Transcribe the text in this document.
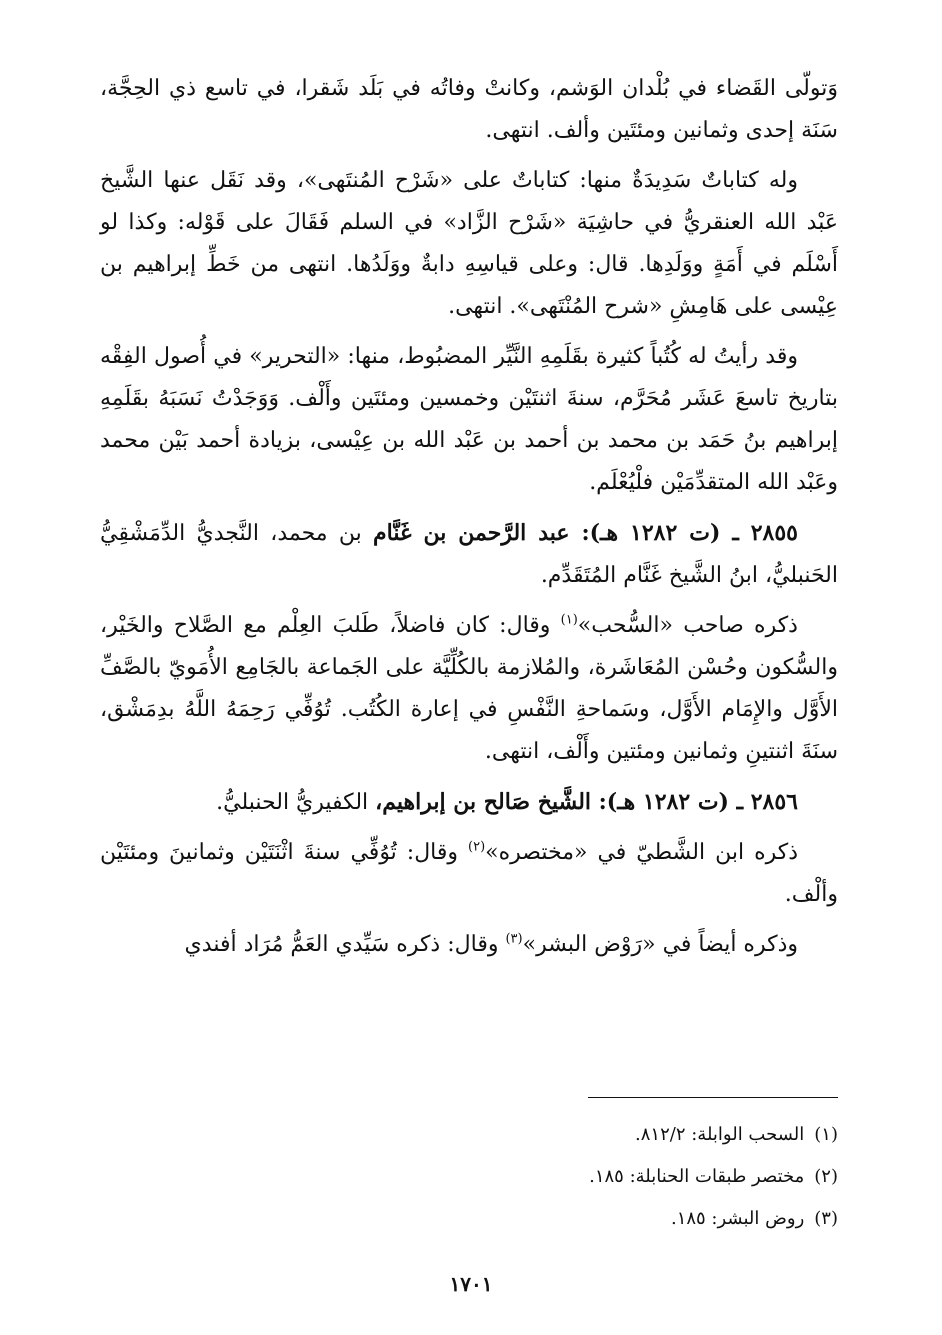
وَتولّى القَضاء في بُلْدان الوَشم، وكانتْ وفاتُه في بَلَد شَقرا، في تاسع ذي الحِجَّة، سَنَة إحدى وثمانين ومئتَين وألف. انتهى.

وله كتاباتٌ سَدِيدَةٌ منها: كتاباتٌ على «شَرْح المُنتَهى»، وقد نَقَل عنها الشَّيخ عَبْد الله العنقريُّ في حاشِيَة «شَرْح الزَّاد» في السلم فَقَالَ على قَوْله: وكذا لو أَسْلَم في أَمَةٍ ووَلَدِها. قال: وعلى قياسِهِ دابةٌ ووَلَدُها. انتهى من خَطِّ إبراهيم بن عِيْسى على هَامِشِ «شرح المُنْتَهى». انتهى.

وقد رأيتُ له كُتُباً كثيرة بقَلَمِهِ النَّيِّر المضبُوط، منها: «التحرير» في أُصول الفِقْه بتاريخ تاسعَ عَشَر مُحَرَّم، سنةَ اثنتَيْن وخمسين ومئتَين وأَلْف. وَوَجَدْتُ نَسَبَهُ بقَلَمِهِ إبراهيم بنُ حَمَد بن محمد بن أحمد بن عَبْد الله بن عِيْسى، بزيادة أحمد بَيْن محمد وعَبْد الله المتقدِّمَيْن فلْيُعْلَم.

٢٨٥٥ ـ (ت ١٢٨٢ هـ): عبد الرَّحمن بن غَنَّام بن محمد، النَّجديُّ الدِّمَشْقِيُّ الحَنبليُّ، ابنُ الشَّيخ غَنَّام المُتَقَدِّم.

ذكره صاحب «السُّحب»$^{(١)}$ وقال: كان فاضلاً، طَلبَ العِلْم مع الصَّلاح والخَيْر، والسُّكون وحُسْن المُعَاشَرة، والمُلازمة بالكُلِّيَّة على الجَماعة بالجَامِع الأُمَويّ بالصَّفِّ الأَوَّل والإِمَام الأَوَّل، وسَماحةِ النَّفْسِ في إعارة الكُتُب. تُوُفِّي رَحِمَهُ اللَّهُ بدِمَشْق، سنَةَ اثنتينِ وثمانين ومئتين وأَلْف، انتهى.

٢٨٥٦ ـ (ت ١٢٨٢ هـ): الشَّيخ صَالح بن إبراهيم، الكفيريُّ الحنبليُّ.

ذكره ابن الشَّطيّ في «مختصره»$^{(٢)}$ وقال: تُوُفِّي سنةَ اثْنَتَيْن وثمانينَ ومئتَيْن وألْف.

وذكره أيضاً في «رَوْض البشر»$^{(٣)}$ وقال: ذكره سَيِّدي العَمُّ مُرَاد أفندي

(١)السحب الوابلة: ٨١٢/٢.
(٢)مختصر طبقات الحنابلة: ١٨٥.
(٣)روض البشر: ١٨٥.
١٧٠١
